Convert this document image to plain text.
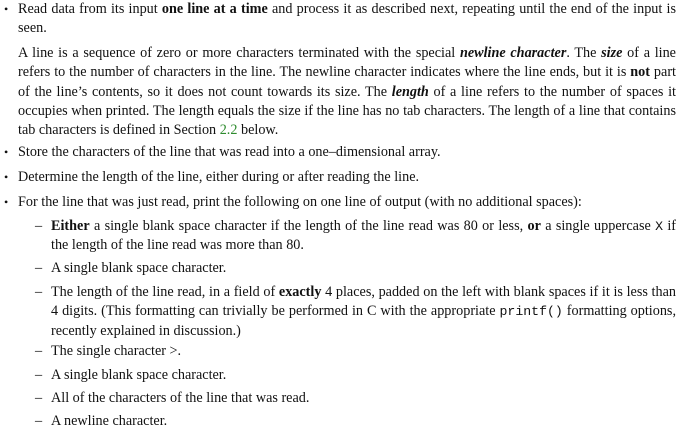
• Read data from its input one line at a time and process it as described next, repeating until the end of the input is seen.

A line is a sequence of zero or more characters terminated with the special newline character. The size of a line refers to the number of characters in the line. The newline character indicates where the line ends, but it is not part of the line’s contents, so it does not count towards its size. The length of a line refers to the number of spaces it occupies when printed. The length equals the size if the line has no tab characters. The length of a line that contains tab characters is defined in Section 2.2 below.

• Store the characters of the line that was read into a one–dimensional array.

• Determine the length of the line, either during or after reading the line.

• For the line that was just read, print the following on one line of output (with no additional spaces):

– Either a single blank space character if the length of the line read was 80 or less, or a single uppercase X if the length of the line read was more than 80.

– A single blank space character.

– The length of the line read, in a field of exactly 4 places, padded on the left with blank spaces if it is less than 4 digits. (This formatting can trivially be performed in C with the appropriate printf() formatting options, recently explained in discussion.)

– The single character >.

– A single blank space character.

– All of the characters of the line that was read.

– A newline character.
